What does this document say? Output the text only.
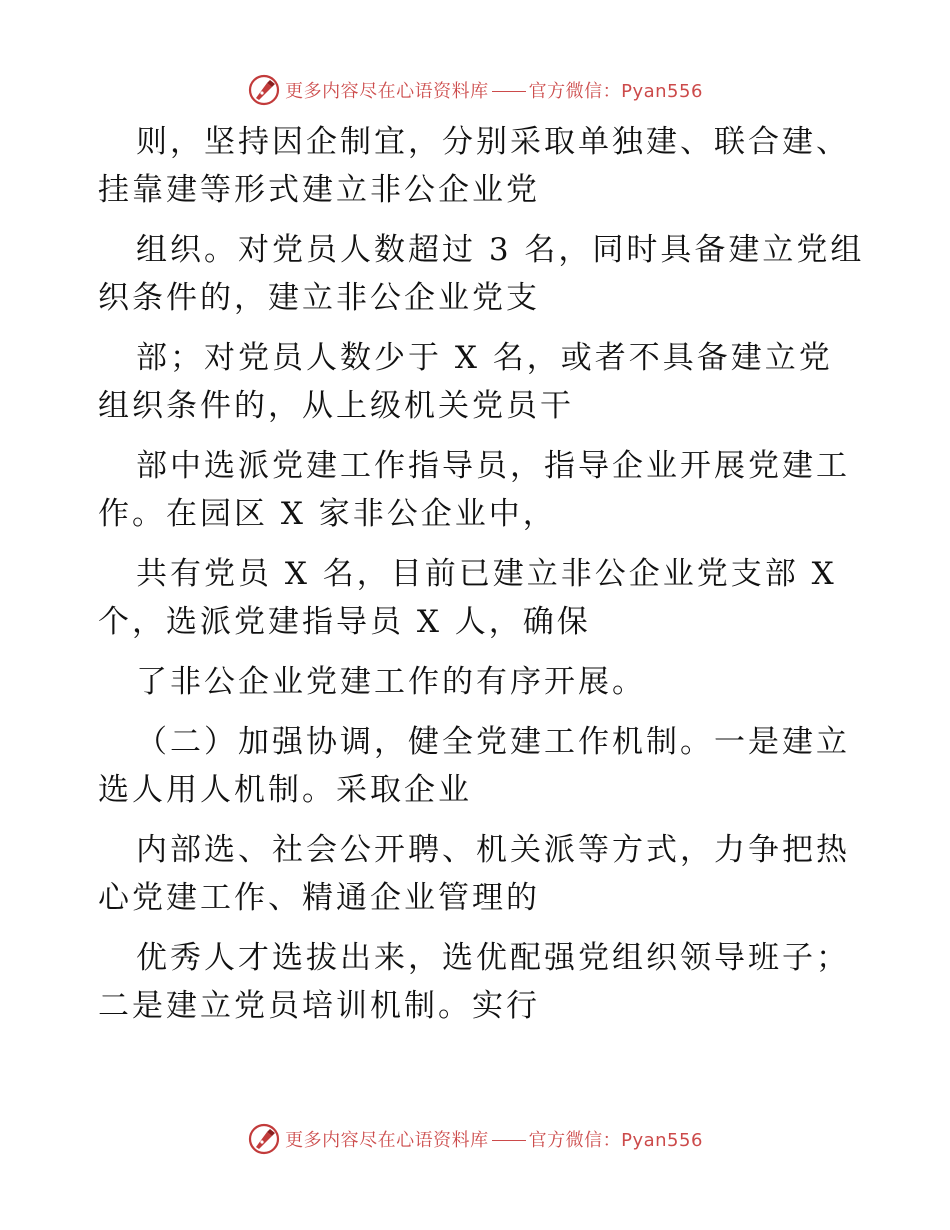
更多内容尽在心语资料库 官方微信：Pyan556
则，坚持因企制宜，分别采取单独建、联合建、
挂靠建等形式建立非公企业党
组织。对党员人数超过 3 名，同时具备建立党组
织条件的，建立非公企业党支
部；对党员人数少于 X 名，或者不具备建立党
组织条件的，从上级机关党员干
部中选派党建工作指导员，指导企业开展党建工
作。在园区 X 家非公企业中，
共有党员 X 名，目前已建立非公企业党支部 X
个，选派党建指导员 X 人，确保
了非公企业党建工作的有序开展。
（二）加强协调，健全党建工作机制。一是建立
选人用人机制。采取企业
内部选、社会公开聘、机关派等方式，力争把热
心党建工作、精通企业管理的
优秀人才选拔出来，选优配强党组织领导班子；
二是建立党员培训机制。实行
更多内容尽在心语资料库 官方微信：Pyan556
